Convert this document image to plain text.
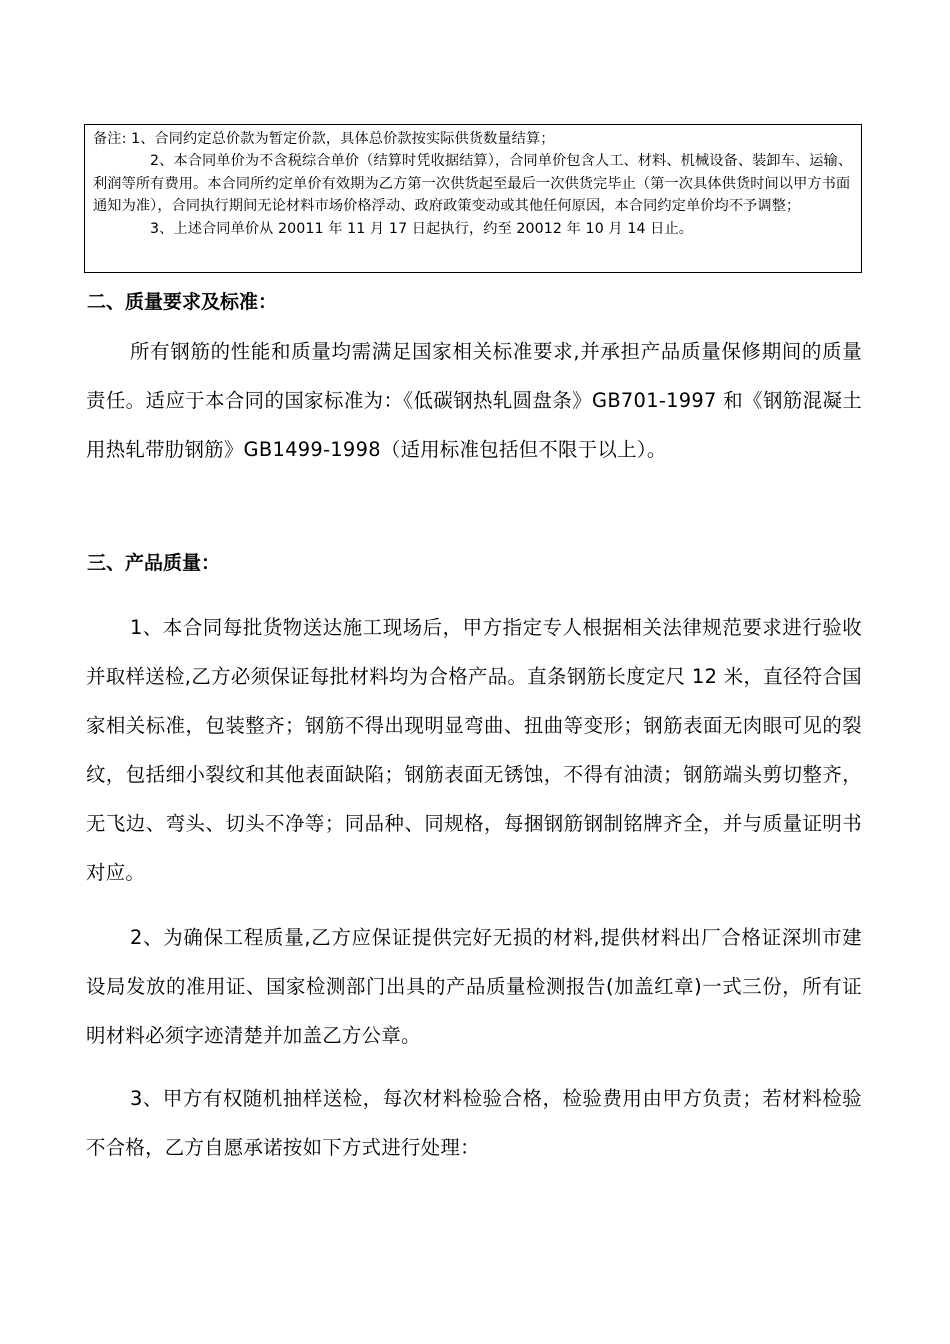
备注: 1、合同约定总价款为暂定价款，具体总价款按实际供货数量结算；

2、本合同单价为不含税综合单价（结算时凭收据结算），合同单价包含人工、材料、机械设备、装卸车、运输、利润等所有费用。本合同所约定单价有效期为乙方第一次供货起至最后一次供货完毕止（第一次具体供货时间以甲方书面通知为准），合同执行期间无论材料市场价格浮动、政府政策变动或其他任何原因，本合同约定单价均不予调整；

3、上述合同单价从 20011 年 11 月 17 日起执行，约至 20012 年 10 月 14 日止。

二、质量要求及标准：

所有钢筋的性能和质量均需满足国家相关标准要求,并承担产品质量保修期间的质量责任。适应于本合同的国家标准为：《低碳钢热轧圆盘条》GB701-1997 和《钢筋混凝土用热轧带肋钢筋》GB1499-1998（适用标准包括但不限于以上）。

三、产品质量：

1、本合同每批货物送达施工现场后，甲方指定专人根据相关法律规范要求进行验收并取样送检,乙方必须保证每批材料均为合格产品。直条钢筋长度定尺 12 米，直径符合国家相关标准，包装整齐；钢筋不得出现明显弯曲、扭曲等变形；钢筋表面无肉眼可见的裂纹，包括细小裂纹和其他表面缺陷；钢筋表面无锈蚀，不得有油渍；钢筋端头剪切整齐，无飞边、弯头、切头不净等；同品种、同规格，每捆钢筋钢制铭牌齐全，并与质量证明书对应。

2、为确保工程质量,乙方应保证提供完好无损的材料,提供材料出厂合格证深圳市建设局发放的准用证、国家检测部门出具的产品质量检测报告(加盖红章)一式三份，所有证明材料必须字迹清楚并加盖乙方公章。

3、甲方有权随机抽样送检，每次材料检验合格，检验费用由甲方负责；若材料检验不合格，乙方自愿承诺按如下方式进行处理：
